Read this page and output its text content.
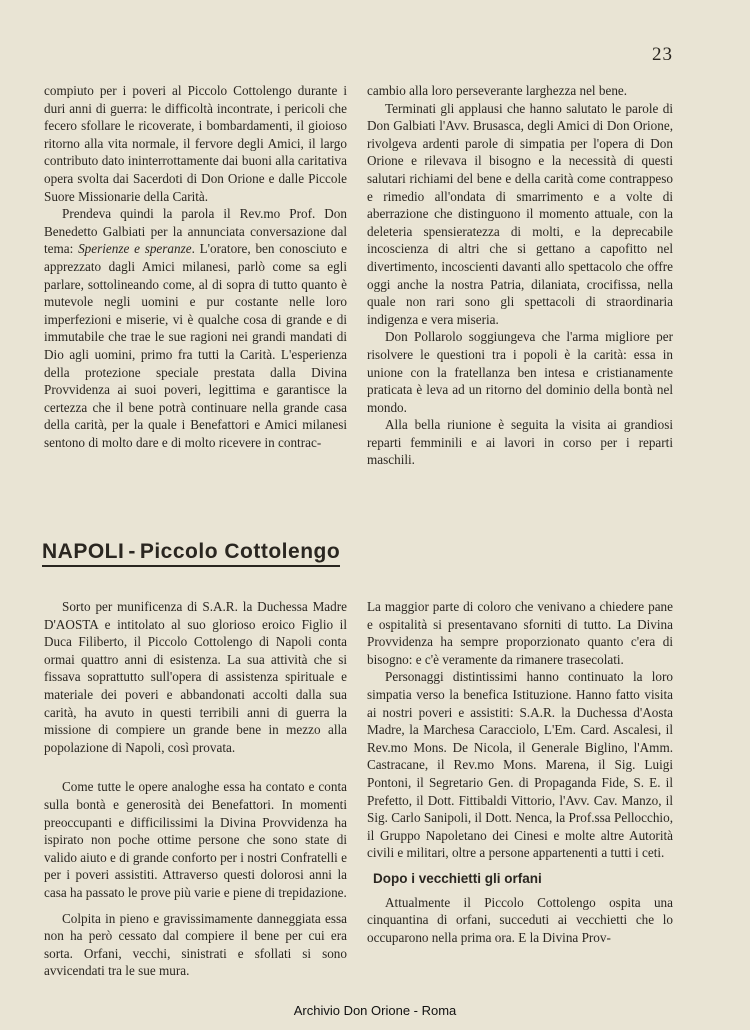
23

compiuto per i poveri al Piccolo Cottolengo durante i duri anni di guerra: le difficoltà incontrate, i pericoli che fecero sfollare le ricoverate, i bombardamenti, il gioioso ritorno alla vita normale, il fervore degli Amici, il largo contributo dato ininterrottamente dai buoni alla caritativa opera svolta dai Sacerdoti di Don Orione e dalle Piccole Suore Missionarie della Carità.

Prendeva quindi la parola il Rev.mo Prof. Don Benedetto Galbiati per la annunciata conversazione dal tema: Sperienze e speranze. L'oratore, ben conosciuto e apprezzato dagli Amici milanesi, parlò come sa egli parlare, sottolineando come, al di sopra di tutto quanto è mutevole negli uomini e pur costante nelle loro imperfezioni e miserie, vi è qualche cosa di grande e di immutabile che trae le sue ragioni nei grandi mandati di Dio agli uomini, primo fra tutti la Carità. L'esperienza della protezione speciale prestata dalla Divina Provvidenza ai suoi poveri, legittima e garantisce la certezza che il bene potrà continuare nella grande casa della carità, per la quale i Benefattori e Amici milanesi sentono di molto dare e di molto ricevere in contrac-

cambio alla loro perseverante larghezza nel bene.

Terminati gli applausi che hanno salutato le parole di Don Galbiati l'Avv. Brusasca, degli Amici di Don Orione, rivolgeva ardenti parole di simpatia per l'opera di Don Orione e rilevava il bisogno e la necessità di questi salutari richiami del bene e della carità come contrappeso e rimedio all'ondata di smarrimento e a volte di aberrazione che distinguono il momento attuale, con la deleteria spensieratezza di molti, e la deprecabile incoscienza di altri che si gettano a capofitto nel divertimento, incoscienti davanti allo spettacolo che offre oggi anche la nostra Patria, dilaniata, crocifissa, nella quale non rari sono gli spettacoli di straordinaria indigenza e vera miseria.

Don Pollarolo soggiungeva che l'arma migliore per risolvere le questioni tra i popoli è la carità: essa in unione con la fratellanza ben intesa e cristianamente praticata è leva ad un ritorno del dominio della bontà nel mondo.

Alla bella riunione è seguita la visita ai grandiosi reparti femminili e ai lavori in corso per i reparti maschili.

NAPOLI - Piccolo Cottolengo

Sorto per munificenza di S.A.R. la Duchessa Madre D'AOSTA e intitolato al suo glorioso eroico Figlio il Duca Filiberto, il Piccolo Cottolengo di Napoli conta ormai quattro anni di esistenza. La sua attività che si fissava soprattutto sull'opera di assistenza spirituale e materiale dei poveri e abbandonati accolti dalla sua carità, ha avuto in questi terribili anni di guerra la missione di compiere un grande bene in mezzo alla popolazione di Napoli, così provata.

Come tutte le opere analoghe essa ha contato e conta sulla bontà e generosità dei Benefattori. In momenti preoccupanti e difficilissimi la Divina Provvidenza ha ispirato non poche ottime persone che sono state di valido aiuto e di grande conforto per i nostri Confratelli e per i poveri assistiti. Attraverso questi dolorosi anni la casa ha passato le prove più varie e piene di trepidazione.

Colpita in pieno e gravissimamente danneggiata essa non ha però cessato dal compiere il bene per cui era sorta. Orfani, vecchi, sinistrati e sfollati si sono avvicendati tra le sue mura.

La maggior parte di coloro che venivano a chiedere pane e ospitalità si presentavano sforniti di tutto. La Divina Provvidenza ha sempre proporzionato quanto c'era di bisogno: e c'è veramente da rimanere trasecolati.

Personaggi distintissimi hanno continuato la loro simpatia verso la benefica Istituzione. Hanno fatto visita ai nostri poveri e assistiti: S.A.R. la Duchessa d'Aosta Madre, la Marchesa Caracciolo, L'Em. Card. Ascalesi, il Rev.mo Mons. De Nicola, il Generale Biglino, l'Amm. Castracane, il Rev.mo Mons. Marena, il Sig. Luigi Pontoni, il Segretario Gen. di Propaganda Fide, S. E. il Prefetto, il Dott. Fittibaldi Vittorio, l'Avv. Cav. Manzo, il Sig. Carlo Sanipoli, il Dott. Nenca, la Prof.ssa Pellocchio, il Gruppo Napoletano dei Cinesi e molte altre Autorità civili e militari, oltre a persone appartenenti a tutti i ceti.

Dopo i vecchietti gli orfani

Attualmente il Piccolo Cottolengo ospita una cinquantina di orfani, succeduti ai vecchietti che lo occuparono nella prima ora. E la Divina Prov-

Archivio Don Orione - Roma
